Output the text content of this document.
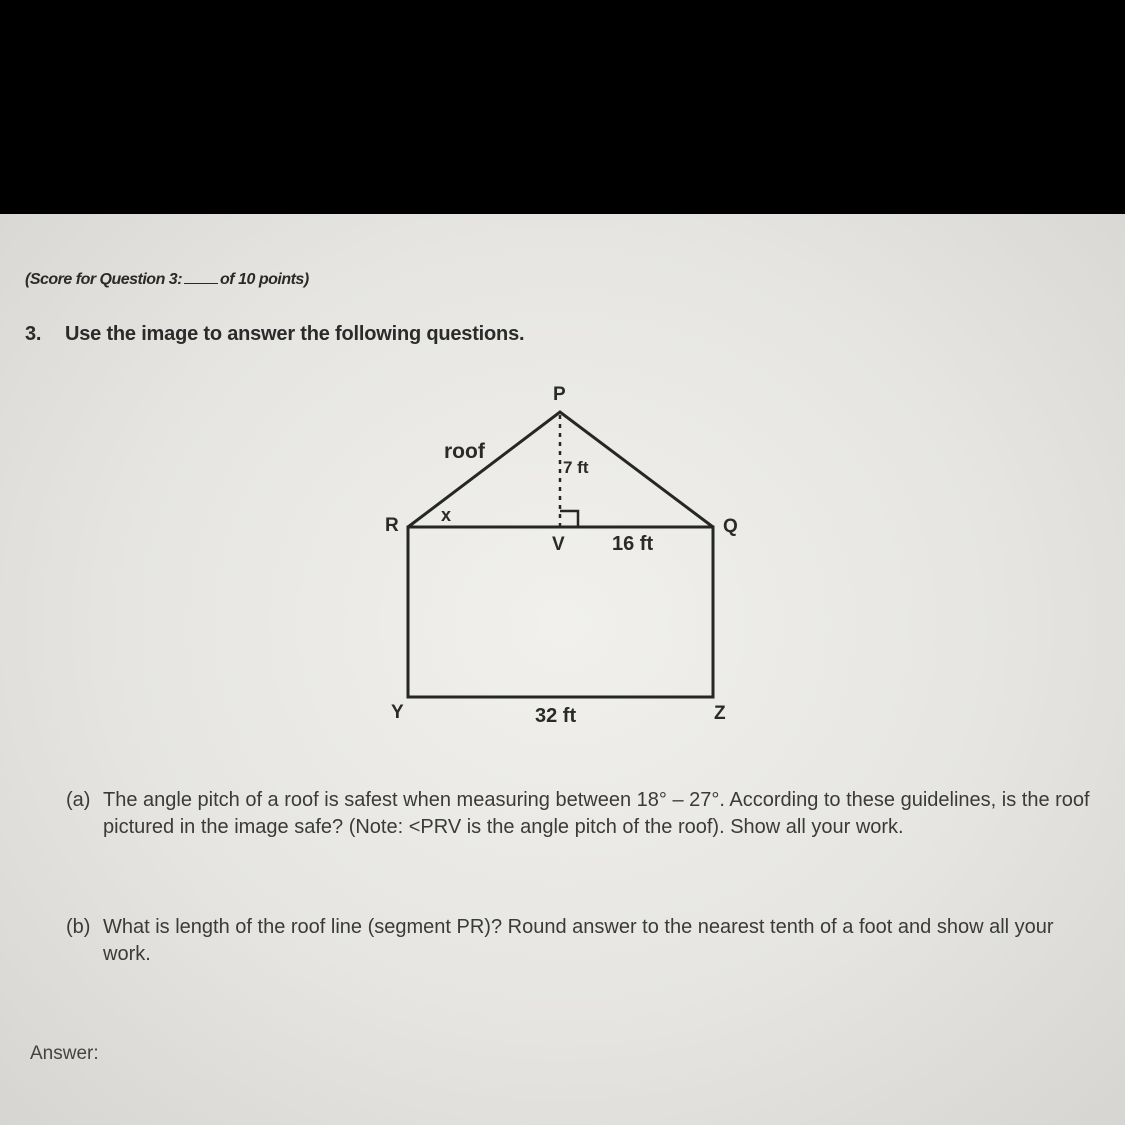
(Score for Question 3: of 10 points)
3. Use the image to answer the following questions.
P
roof
7 ft
x
R	Q
V 16 ft
Y	32 ft	Z
(a) The angle pitch of a roof is safest when measuring between 18° – 27°. According to these guidelines, is the roof pictured in the image safe? (Note: <PRV is the angle pitch of the roof). Show all your work.
(b) What is length of the roof line (segment PR)? Round answer to the nearest tenth of a foot and show all your work.
Answer:
